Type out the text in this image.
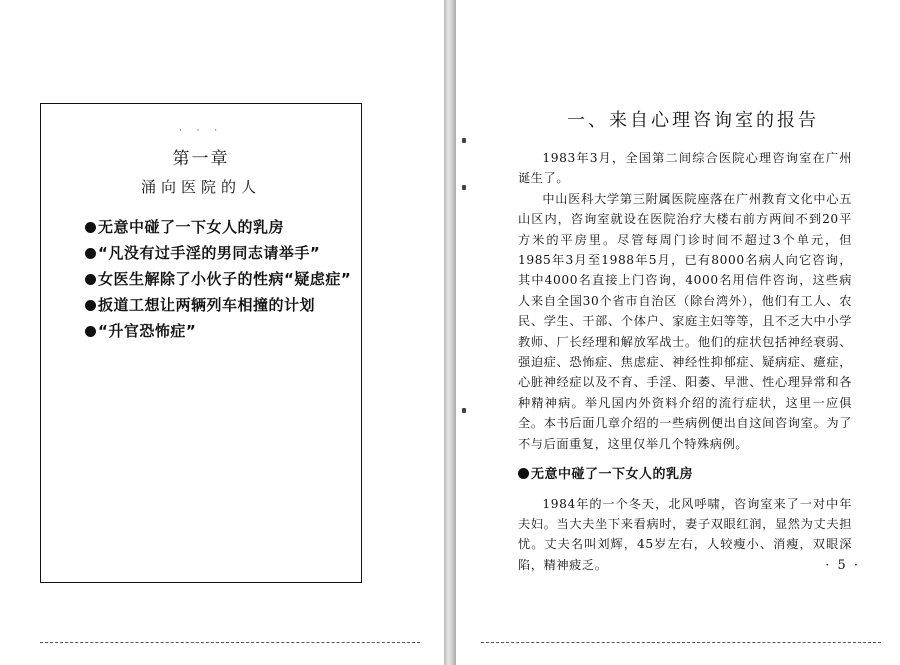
· · ·
第一章
涌向医院的人
无意中碰了一下女人的乳房
“凡没有过手淫的男同志请举手”
女医生解除了小伙子的性病“疑虑症”
扳道工想让两辆列车相撞的计划
“升官恐怖症”
一、来自心理咨询室的报告

1983年3月，全国第二间综合医院心理咨询室在广州诞生了。

中山医科大学第三附属医院座落在广州教育文化中心五山区内，咨询室就设在医院治疗大楼右前方两间不到20平方米的平房里。尽管每周门诊时间不超过3个单元，但1985年3月至1988年5月，已有8000名病人向它咨询，其中4000名直接上门咨询，4000名用信件咨询，这些病人来自全国30个省市自治区（除台湾外），他们有工人、农民、学生、干部、个体户、家庭主妇等等，且不乏大中小学教师、厂长经理和解放军战士。他们的症状包括神经衰弱、强迫症、恐怖症、焦虑症、神经性抑郁症、疑病症、癔症，心脏神经症以及不育、手淫、阳萎、早泄、性心理异常和各种精神病。举凡国内外资料介绍的流行症状，这里一应俱全。本书后面几章介绍的一些病例便出自这间咨询室。为了不与后面重复，这里仅举几个特殊病例。

无意中碰了一下女人的乳房

1984年的一个冬天，北风呼啸，咨询室来了一对中年夫妇。当大夫坐下来看病时，妻子双眼红润，显然为丈夫担忧。丈夫名叫刘辉，45岁左右，人较瘦小、消瘦，双眼深陷，精神疲乏。	· 5 ·
